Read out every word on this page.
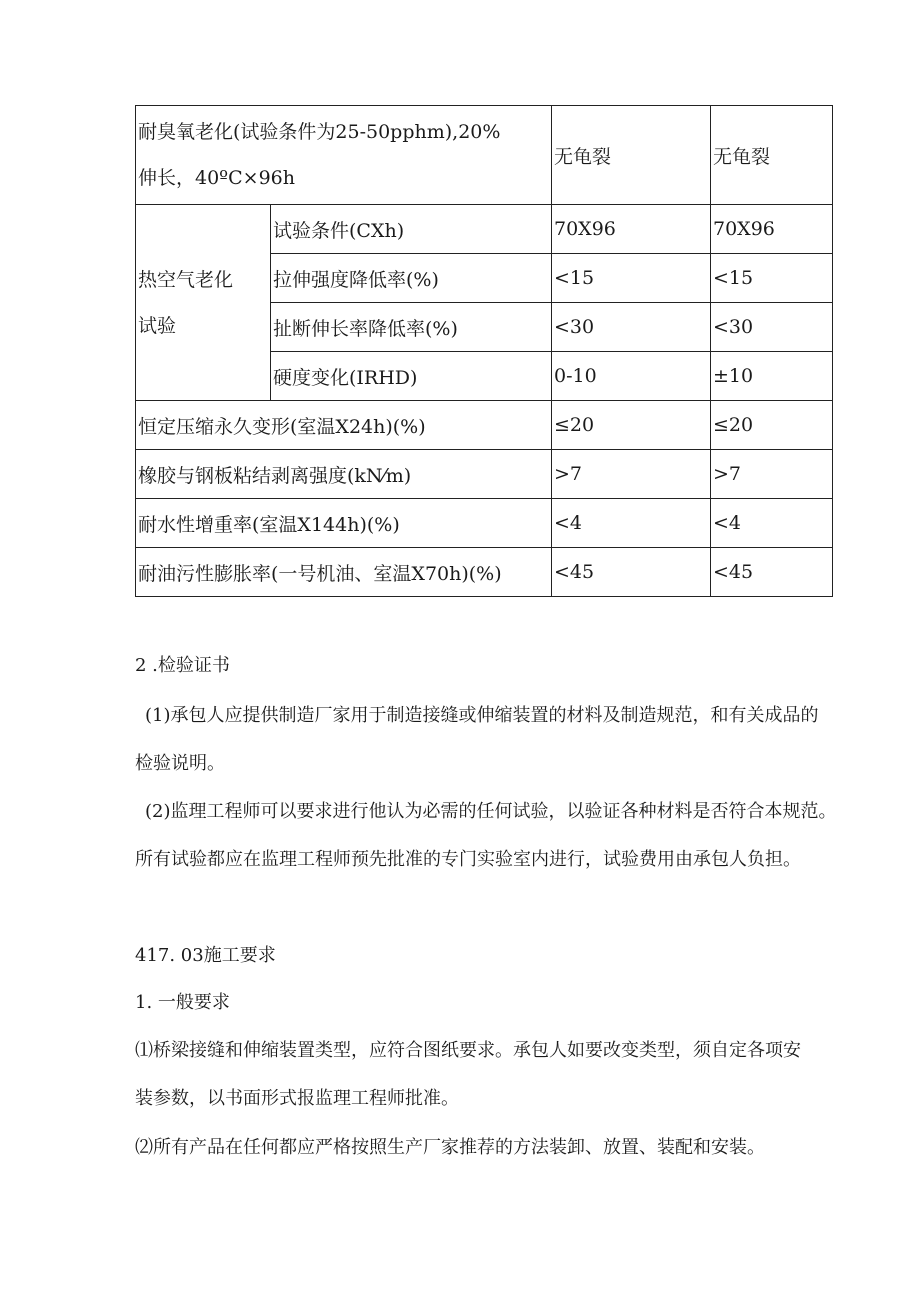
耐臭氧老化(试验条件为25-50pphm),20%
伸长，40ºC×96h		无龟裂	无龟裂
热空气老化
试验	试验条件(CXh)	70X96	70X96
	拉伸强度降低率(%)	<15	<15
	扯断伸长率降低率(%)	<30	<30
	硬度变化(IRHD)	0-10	±10
恒定压缩永久变形(室温X24h)(%)		≤20	≤20
橡胶与钢板粘结剥离强度(kN⁄m)		>7	>7
耐水性增重率(室温X144h)(%)		<4	<4
耐油污性膨胀率(一号机油、室温X70h)(%)		<45	<45
2 .检验证书
(1)承包人应提供制造厂家用于制造接缝或伸缩装置的材料及制造规范，和有关成品的
检验说明。
(2)监理工程师可以要求进行他认为必需的任何试验，以验证各种材料是否符合本规范。
所有试验都应在监理工程师预先批准的专门实验室内进行，试验费用由承包人负担。
417. 03施工要求
1. 一般要求
⑴桥梁接缝和伸缩装置类型，应符合图纸要求。承包人如要改变类型，须自定各项安
装参数，以书面形式报监理工程师批准。
⑵所有产品在任何都应严格按照生产厂家推荐的方法装卸、放置、装配和安装。
